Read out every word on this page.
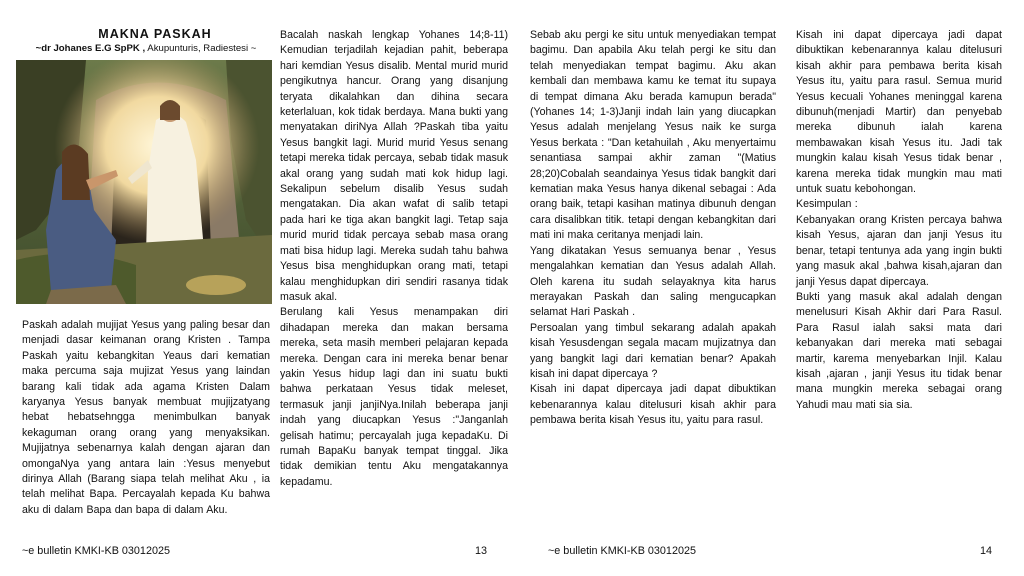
MAKNA PASKAH
~dr Johanes E.G SpPK , Akupunturis, Radiestesi ~

Paskah adalah mujijat Yesus yang paling besar dan menjadi dasar keimanan orang Kristen . Tampa Paskah yaitu kebangkitan Yeaus dari kematian maka percuma saja mujizat Yesus yang laindan barang kali tidak ada agama Kristen Dalam karyanya Yesus banyak membuat mujijzatyang hebat hebatsehngga menimbulkan banyak kekaguman orang orang yang menyaksikan. Mujijatnya sebenarnya kalah dengan ajaran dan omongaNya yang antara lain :Yesus menyebut dirinya Allah (Barang siapa telah melihat Aku , ia telah melihat Bapa. Percayalah kepada Ku bahwa aku di dalam Bapa dan bapa di dalam Aku.

Bacalah naskah lengkap Yohanes 14;8-11) Kemudian terjadilah kejadian pahit, beberapa hari kemdian Yesus disalib. Mental murid murid pengikutnya hancur. Orang yang disanjung teryata dikalahkan dan dihina secara keterlaluan, kok tidak berdaya. Mana bukti yang menyatakan diriNya Allah ?Paskah tiba yaitu Yesus bangkit lagi. Murid murid Yesus senang tetapi mereka tidak percaya, sebab tidak masuk akal orang yang sudah mati kok hidup lagi. Sekalipun sebelum disalib Yesus sudah mengatakan. Dia akan wafat di salib tetapi pada hari ke tiga akan bangkit lagi. Tetap saja murid murid tidak percaya sebab masa orang mati bisa hidup lagi. Mereka sudah tahu bahwa Yesus bisa menghidupkan orang mati, tetapi kalau menghidupkan diri sendiri rasanya tidak masuk akal.

Berulang kali Yesus menampakan diri dihadapan mereka dan makan bersama mereka, seta masih memberi pelajaran kepada mereka. Dengan cara ini mereka benar benar yakin Yesus hidup lagi dan ini suatu bukti bahwa perkataan Yesus tidak meleset, termasuk janji janjiNya.Inilah beberapa janji indah yang diucapkan Yesus :"Janganlah gelisah hatimu; percayalah juga kepadaKu. Di rumah BapaKu banyak tempat tinggal. Jika tidak demikian tentu Aku mengatakannya kepadamu.

Sebab aku pergi ke situ untuk menyediakan tempat bagimu. Dan apabila Aku telah pergi ke situ dan telah menyediakan tempat bagimu. Aku akan kembali dan membawa kamu ke temat itu supaya di tempat dimana Aku berada kamupun berada" (Yohanes 14; 1-3)Janji indah lain yang diucapkan Yesus adalah menjelang Yesus naik ke surga Yesus berkata : "Dan ketahuilah , Aku menyertaimu senantiasa sampai akhir zaman "(Matius 28;20)Cobalah seandainya Yesus tidak bangkit dari kematian maka Yesus hanya dikenal sebagai : Ada orang baik, tetapi kasihan matinya dibunuh dengan cara disalibkan titik. tetapi dengan kebangkitan dari mati ini maka ceritanya menjadi lain.

Yang dikatakan Yesus semuanya benar , Yesus mengalahkan kematian dan Yesus adalah Allah. Oleh karena itu sudah selayaknya kita harus merayakan Paskah dan saling mengucapkan selamat Hari Paskah .

Persoalan yang timbul sekarang adalah apakah kisah Yesusdengan segala macam mujizatnya dan yang bangkit lagi dari kematian benar? Apakah kisah ini dapat dipercaya ?

Kisah ini dapat dipercaya jadi dapat dibuktikan kebenarannya kalau ditelusuri kisah akhir para pembawa berita kisah Yesus itu, yaitu para rasul.

Kisah ini dapat dipercaya jadi dapat dibuktikan kebenarannya kalau ditelusuri kisah akhir para pembawa berita kisah Yesus itu, yaitu para rasul. Semua murid Yesus kecuali Yohanes meninggal karena dibunuh(menjadi Martir) dan penyebab mereka dibunuh ialah karena membawakan kisah Yesus itu. Jadi tak mungkin kalau kisah Yesus tidak benar , karena mereka tidak mungkin mau mati untuk suatu kebohongan.

Kesimpulan :

Kebanyakan orang Kristen percaya bahwa kisah Yesus, ajaran dan janji Yesus itu benar, tetapi tentunya ada yang ingin bukti yang masuk akal ,bahwa kisah,ajaran dan janji Yesus dapat dipercaya.

Bukti yang masuk akal adalah dengan menelusuri Kisah Akhir dari Para Rasul. Para Rasul ialah saksi mata dari kebanyakan dari mereka mati sebagai martir, karema menyebarkan Injil. Kalau kisah ,ajaran , janji Yesus itu tidak benar mana mungkin mereka sebagai orang Yahudi mau mati sia sia.

~e bulletin KMKI-KB 03012025	13	~e bulletin KMKI-KB 03012025	14
